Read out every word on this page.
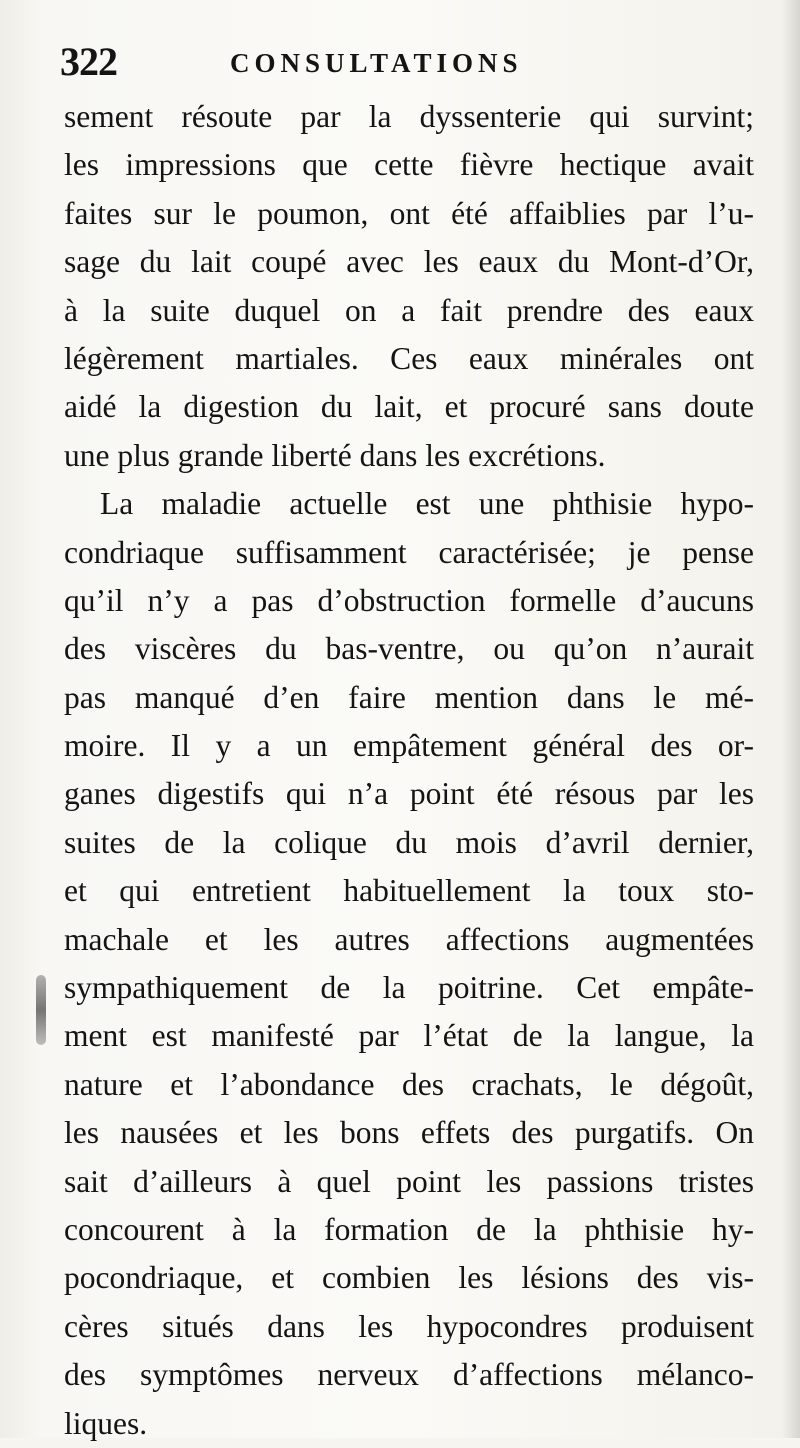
322	CONSULTATIONS
sement résoute par la dyssenterie qui survint;
les impressions que cette fièvre hectique avait
faites sur le poumon, ont été affaiblies par l’u-
sage du lait coupé avec les eaux du Mont-d’Or,
à la suite duquel on a fait prendre des eaux
légèrement martiales. Ces eaux minérales ont
aidé la digestion du lait, et procuré sans doute
une plus grande liberté dans les excrétions.
La maladie actuelle est une phthisie hypo-
condriaque suffisamment caractérisée; je pense
qu’il n’y a pas d’obstruction formelle d’aucuns
des viscères du bas-ventre, ou qu’on n’aurait
pas manqué d’en faire mention dans le mé-
moire. Il y a un empâtement général des or-
ganes digestifs qui n’a point été résous par les
suites de la colique du mois d’avril dernier,
et qui entretient habituellement la toux sto-
machale et les autres affections augmentées
sympathiquement de la poitrine. Cet empâte-
ment est manifesté par l’état de la langue, la
nature et l’abondance des crachats, le dégoût,
les nausées et les bons effets des purgatifs. On
sait d’ailleurs à quel point les passions tristes
concourent à la formation de la phthisie hy-
pocondriaque, et combien les lésions des vis-
cères situés dans les hypocondres produisent
des symptômes nerveux d’affections mélanco-
liques.
